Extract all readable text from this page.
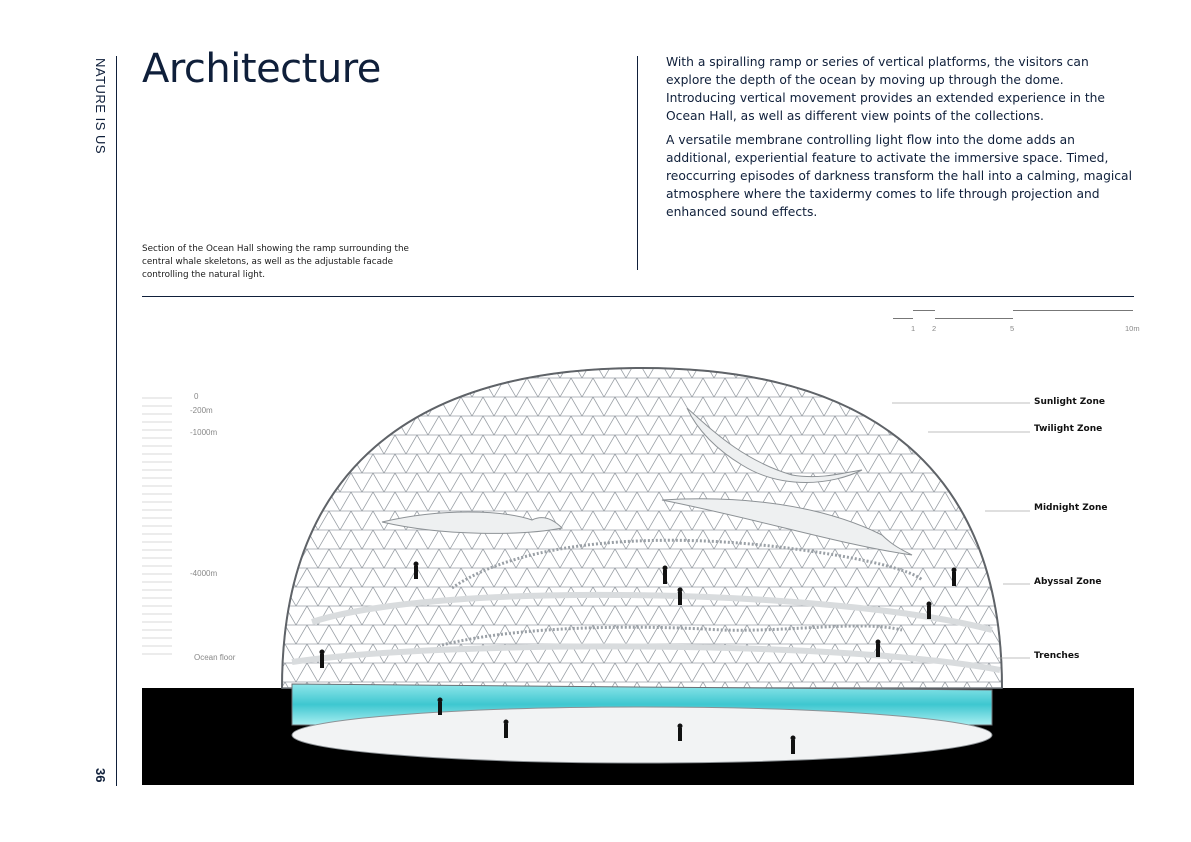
NATURE IS US
36
Architecture	With a spiralling ramp or series of vertical platforms, the visitors can explore the depth of the ocean by moving up through the dome. Introducing vertical movement provides an extended experience in the Ocean Hall, as well as different view points of the collections.

A versatile membrane controlling light flow into the dome adds an additional, experiential feature to activate the immersive space. Timed, reoccurring episodes of darkness transform the hall into a calming, magical atmosphere where the taxidermy comes to life through projection and enhanced sound effects.

Section of the Ocean Hall showing the ramp surrounding the central whale skeletons, as well as the adjustable facade controlling the natural light.
1 2	5	10m
0
-200m
-1000m
-4000m
Ocean floor
Sunlight Zone
Twilight Zone
Midnight Zone
Abyssal Zone
Trenches
